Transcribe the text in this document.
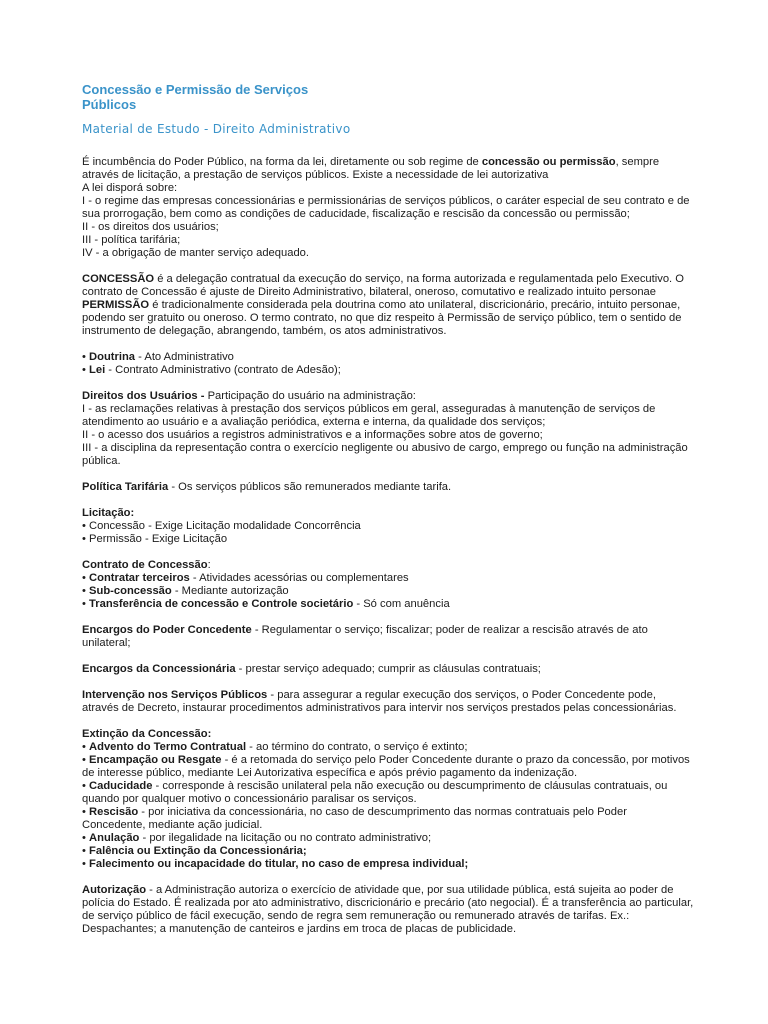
Concessão e Permissão de Serviços
Públicos
Material de Estudo - Direito Administrativo
É incumbência do Poder Público, na forma da lei, diretamente ou sob regime de concessão ou permissão, sempre
através de licitação, a prestação de serviços públicos. Existe a necessidade de lei autorizativa
A lei disporá sobre:
I - o regime das empresas concessionárias e permissionárias de serviços públicos, o caráter especial de seu contrato e de
sua prorrogação, bem como as condições de caducidade, fiscalização e rescisão da concessão ou permissão;
II - os direitos dos usuários;
III - política tarifária;
IV - a obrigação de manter serviço adequado.
CONCESSÃO é a delegação contratual da execução do serviço, na forma autorizada e regulamentada pelo Executivo. O
contrato de Concessão é ajuste de Direito Administrativo, bilateral, oneroso, comutativo e realizado intuito personae
PERMISSÃO é tradicionalmente considerada pela doutrina como ato unilateral, discricionário, precário, intuito personae,
podendo ser gratuito ou oneroso. O termo contrato, no que diz respeito à Permissão de serviço público, tem o sentido de
instrumento de delegação, abrangendo, também, os atos administrativos.
• Doutrina - Ato Administrativo
• Lei - Contrato Administrativo (contrato de Adesão);
Direitos dos Usuários - Participação do usuário na administração:
I - as reclamações relativas à prestação dos serviços públicos em geral, asseguradas à manutenção de serviços de
atendimento ao usuário e a avaliação periódica, externa e interna, da qualidade dos serviços;
II - o acesso dos usuários a registros administrativos e a informações sobre atos de governo;
III - a disciplina da representação contra o exercício negligente ou abusivo de cargo, emprego ou função na administração
pública.
Política Tarifária - Os serviços públicos são remunerados mediante tarifa.
Licitação:
• Concessão - Exige Licitação modalidade Concorrência
• Permissão - Exige Licitação
Contrato de Concessão:
• Contratar terceiros - Atividades acessórias ou complementares
• Sub-concessão - Mediante autorização
• Transferência de concessão e Controle societário - Só com anuência
Encargos do Poder Concedente - Regulamentar o serviço; fiscalizar; poder de realizar a rescisão através de ato
unilateral;
Encargos da Concessionária - prestar serviço adequado; cumprir as cláusulas contratuais;
Intervenção nos Serviços Públicos - para assegurar a regular execução dos serviços, o Poder Concedente pode,
através de Decreto, instaurar procedimentos administrativos para intervir nos serviços prestados pelas concessionárias.
Extinção da Concessão:
• Advento do Termo Contratual - ao término do contrato, o serviço é extinto;
• Encampação ou Resgate - é a retomada do serviço pelo Poder Concedente durante o prazo da concessão, por motivos
de interesse público, mediante Lei Autorizativa específica e após prévio pagamento da indenização.
• Caducidade - corresponde à rescisão unilateral pela não execução ou descumprimento de cláusulas contratuais, ou
quando por qualquer motivo o concessionário paralisar os serviços.
• Rescisão - por iniciativa da concessionária, no caso de descumprimento das normas contratuais pelo Poder
Concedente, mediante ação judicial.
• Anulação - por ilegalidade na licitação ou no contrato administrativo;
• Falência ou Extinção da Concessionária;
• Falecimento ou incapacidade do titular, no caso de empresa individual;
Autorização - a Administração autoriza o exercício de atividade que, por sua utilidade pública, está sujeita ao poder de
polícia do Estado. É realizada por ato administrativo, discricionário e precário (ato negocial). É a transferência ao particular,
de serviço público de fácil execução, sendo de regra sem remuneração ou remunerado através de tarifas. Ex.:
Despachantes; a manutenção de canteiros e jardins em troca de placas de publicidade.
